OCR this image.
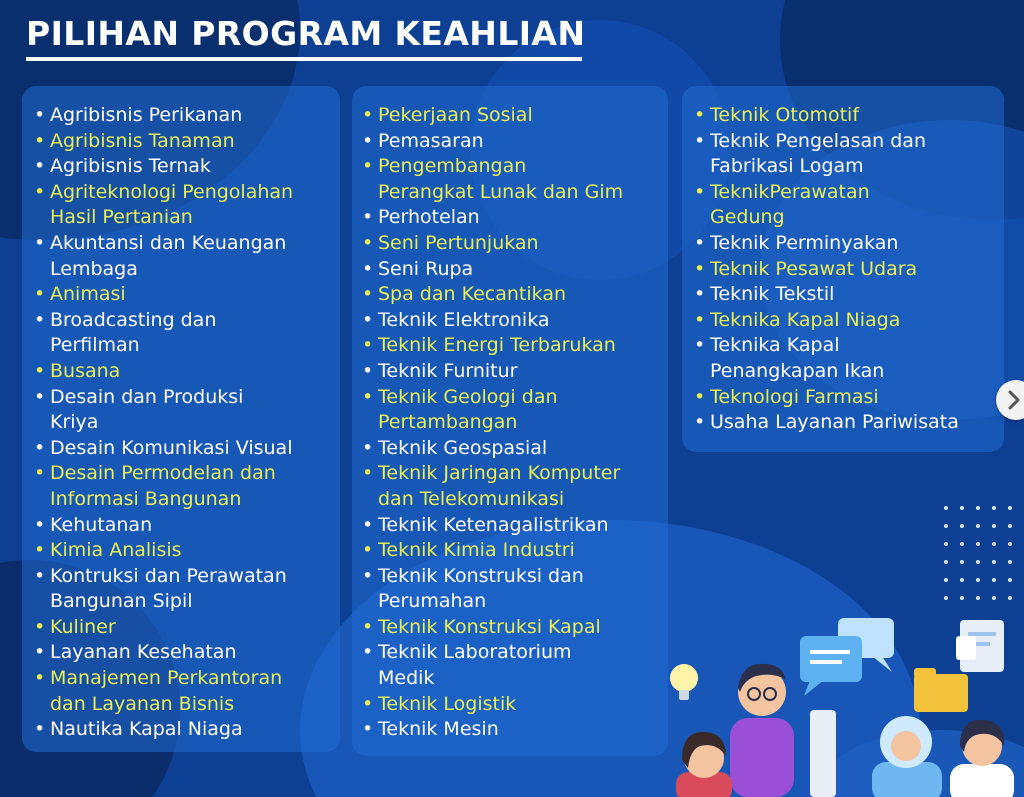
PILIHAN PROGRAM KEAHLIAN
• Agribisnis Perikanan
• Agribisnis Tanaman
• Agribisnis Ternak
• Agriteknologi Pengolahan
Hasil Pertanian
• Akuntansi dan Keuangan
Lembaga
• Animasi
• Broadcasting dan
Perfilman
• Busana
• Desain dan Produksi
Kriya
• Desain Komunikasi Visual
• Desain Permodelan dan
Informasi Bangunan
• Kehutanan
• Kimia Analisis
• Kontruksi dan Perawatan
Bangunan Sipil
• Kuliner
• Layanan Kesehatan
• Manajemen Perkantoran
dan Layanan Bisnis
• Nautika Kapal Niaga
• Pekerjaan Sosial
• Pemasaran
• Pengembangan
Perangkat Lunak dan Gim
• Perhotelan
• Seni Pertunjukan
• Seni Rupa
• Spa dan Kecantikan
• Teknik Elektronika
• Teknik Energi Terbarukan
• Teknik Furnitur
• Teknik Geologi dan
Pertambangan
• Teknik Geospasial
• Teknik Jaringan Komputer
dan Telekomunikasi
• Teknik Ketenagalistrikan
• Teknik Kimia Industri
• Teknik Konstruksi dan
Perumahan
• Teknik Konstruksi Kapal
• Teknik Laboratorium
Medik
• Teknik Logistik
• Teknik Mesin
• Teknik Otomotif
• Teknik Pengelasan dan
Fabrikasi Logam
• TeknikPerawatan
Gedung
• Teknik Perminyakan
• Teknik Pesawat Udara
• Teknik Tekstil
• Teknika Kapal Niaga
• Teknika Kapal
Penangkapan Ikan
• Teknologi Farmasi
• Usaha Layanan Pariwisata
